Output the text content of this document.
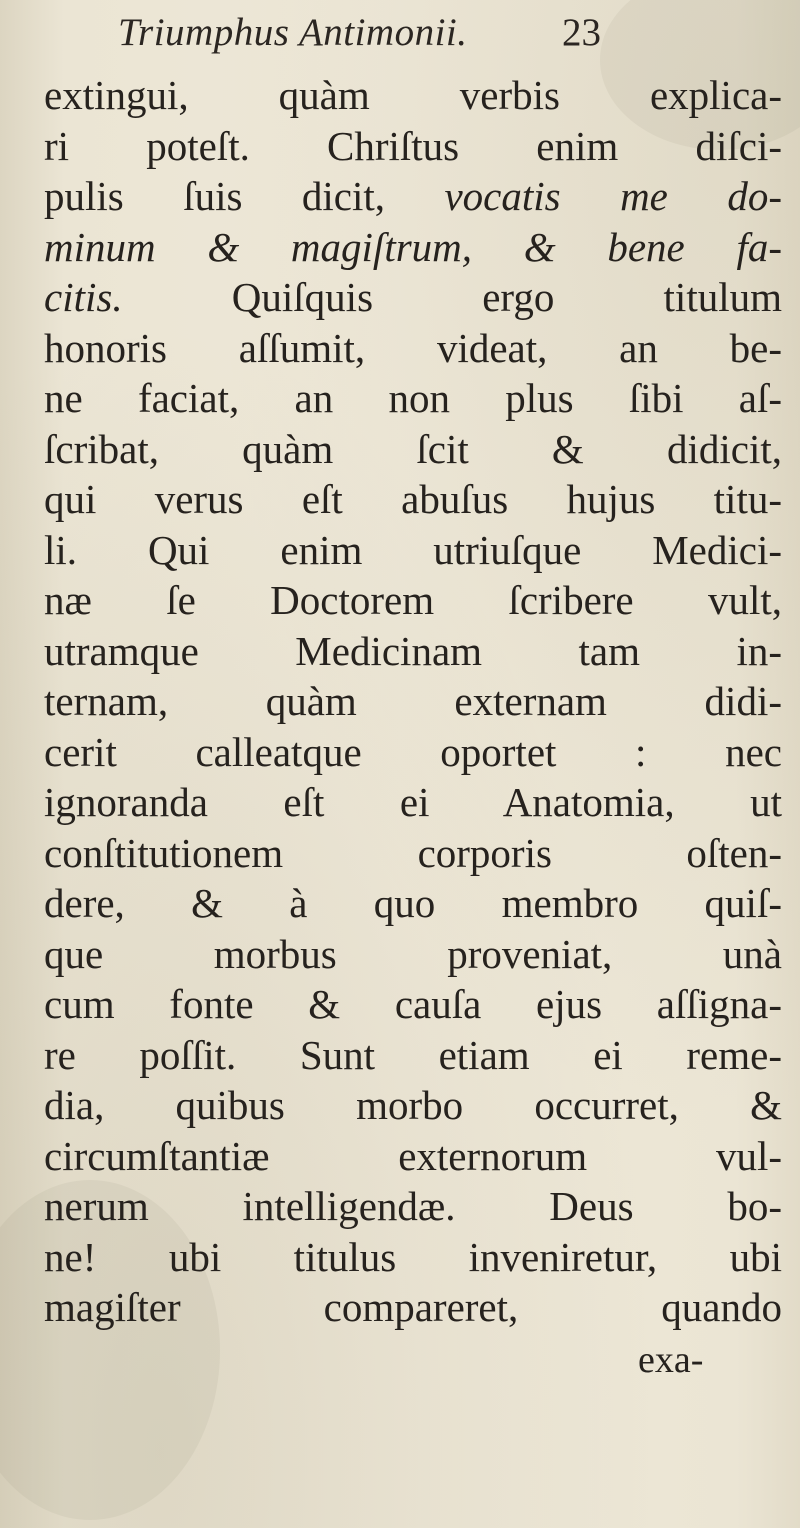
Triumphus Antimonii. 23
extingui, quàm verbis explica-
ri poteſt. Chriſtus enim diſci-
pulis ſuis dicit, vocatis me do-
minum & magiſtrum, & bene fa-
citis. Quiſquis ergo titulum
honoris aſſumit, videat, an be-
ne faciat, an non plus ſibi aſ-
ſcribat, quàm ſcit & didicit,
qui verus eſt abuſus hujus titu-
li. Qui enim utriuſque Medici-
næ ſe Doctorem ſcribere vult,
utramque Medicinam tam in-
ternam, quàm externam didi-
cerit calleatque oportet : nec
ignoranda eſt ei Anatomia, ut
conſtitutionem corporis oſten-
dere, & à quo membro quiſ-
que morbus proveniat, unà
cum fonte & cauſa ejus aſſigna-
re poſſit. Sunt etiam ei reme-
dia, quibus morbo occurret, &
circumſtantiæ externorum vul-
nerum intelligendæ. Deus bo-
ne! ubi titulus inveniretur, ubi
magiſter compareret, quando
exa-
